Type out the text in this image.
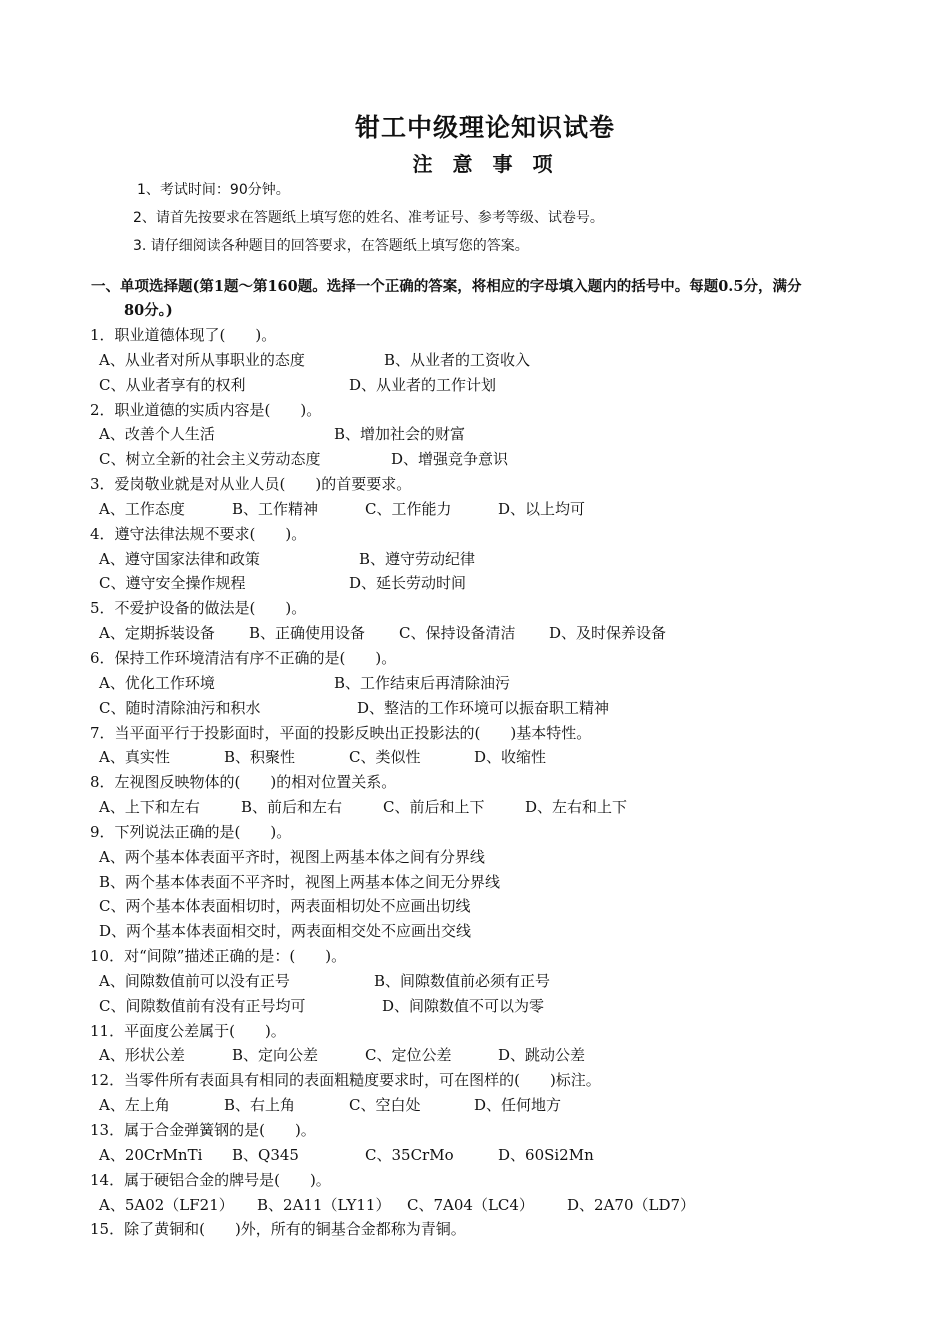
钳工中级理论知识试卷
注　意　事　项
1、考试时间：90分钟。
2、请首先按要求在答题纸上填写您的姓名、准考证号、参考等级、试卷号。
3. 请仔细阅读各种题目的回答要求，在答题纸上填写您的答案。
一、单项选择题(第1题～第160题。选择一个正确的答案，将相应的字母填入题内的括号中。每题0.5分，满分
80分。)
1．职业道德体现了(　　)。
A、从业者对所从事职业的态度	B、从业者的工资收入
C、从业者享有的权利	D、从业者的工作计划
2．职业道德的实质内容是(　　)。
A、改善个人生活	B、增加社会的财富
C、树立全新的社会主义劳动态度	D、增强竞争意识
3．爱岗敬业就是对从业人员(　　)的首要要求。
A、工作态度	B、工作精神	C、工作能力	D、以上均可
4．遵守法律法规不要求(　　)。
A、遵守国家法律和政策	B、遵守劳动纪律
C、遵守安全操作规程	D、延长劳动时间
5．不爱护设备的做法是(　　)。
A、定期拆装设备 B、正确使用设备 C、保持设备清洁 D、及时保养设备
6．保持工作环境清洁有序不正确的是(　　)。
A、优化工作环境	B、工作结束后再清除油污
C、随时清除油污和积水	D、整洁的工作环境可以振奋职工精神
7．当平面平行于投影面时，平面的投影反映出正投影法的(　　)基本特性。
A、真实性	B、积聚性	C、类似性	D、收缩性
8．左视图反映物体的(　　)的相对位置关系。
A、上下和左右	B、前后和左右	C、前后和上下	D、左右和上下
9．下列说法正确的是(　　)。
A、两个基本体表面平齐时，视图上两基本体之间有分界线
B、两个基本体表面不平齐时，视图上两基本体之间无分界线
C、两个基本体表面相切时，两表面相切处不应画出切线
D、两个基本体表面相交时，两表面相交处不应画出交线
10．对“间隙”描述正确的是：(　　)。
A、间隙数值前可以没有正号	B、间隙数值前必须有正号
C、间隙数值前有没有正号均可	D、间隙数值不可以为零
11．平面度公差属于(　　)。
A、形状公差	B、定向公差	C、定位公差	D、跳动公差
12．当零件所有表面具有相同的表面粗糙度要求时，可在图样的(　　)标注。
A、左上角	B、右上角	C、空白处	D、任何地方
13．属于合金弹簧钢的是(　　)。
A、20CrMnTi B、Q345	C、35CrMo	D、60Si2Mn
14．属于硬铝合金的牌号是(　　)。
A、5A02（LF21） B、2A11（LY11） C、7A04（LC4） D、2A70（LD7）
15．除了黄铜和(　　)外，所有的铜基合金都称为青铜。
